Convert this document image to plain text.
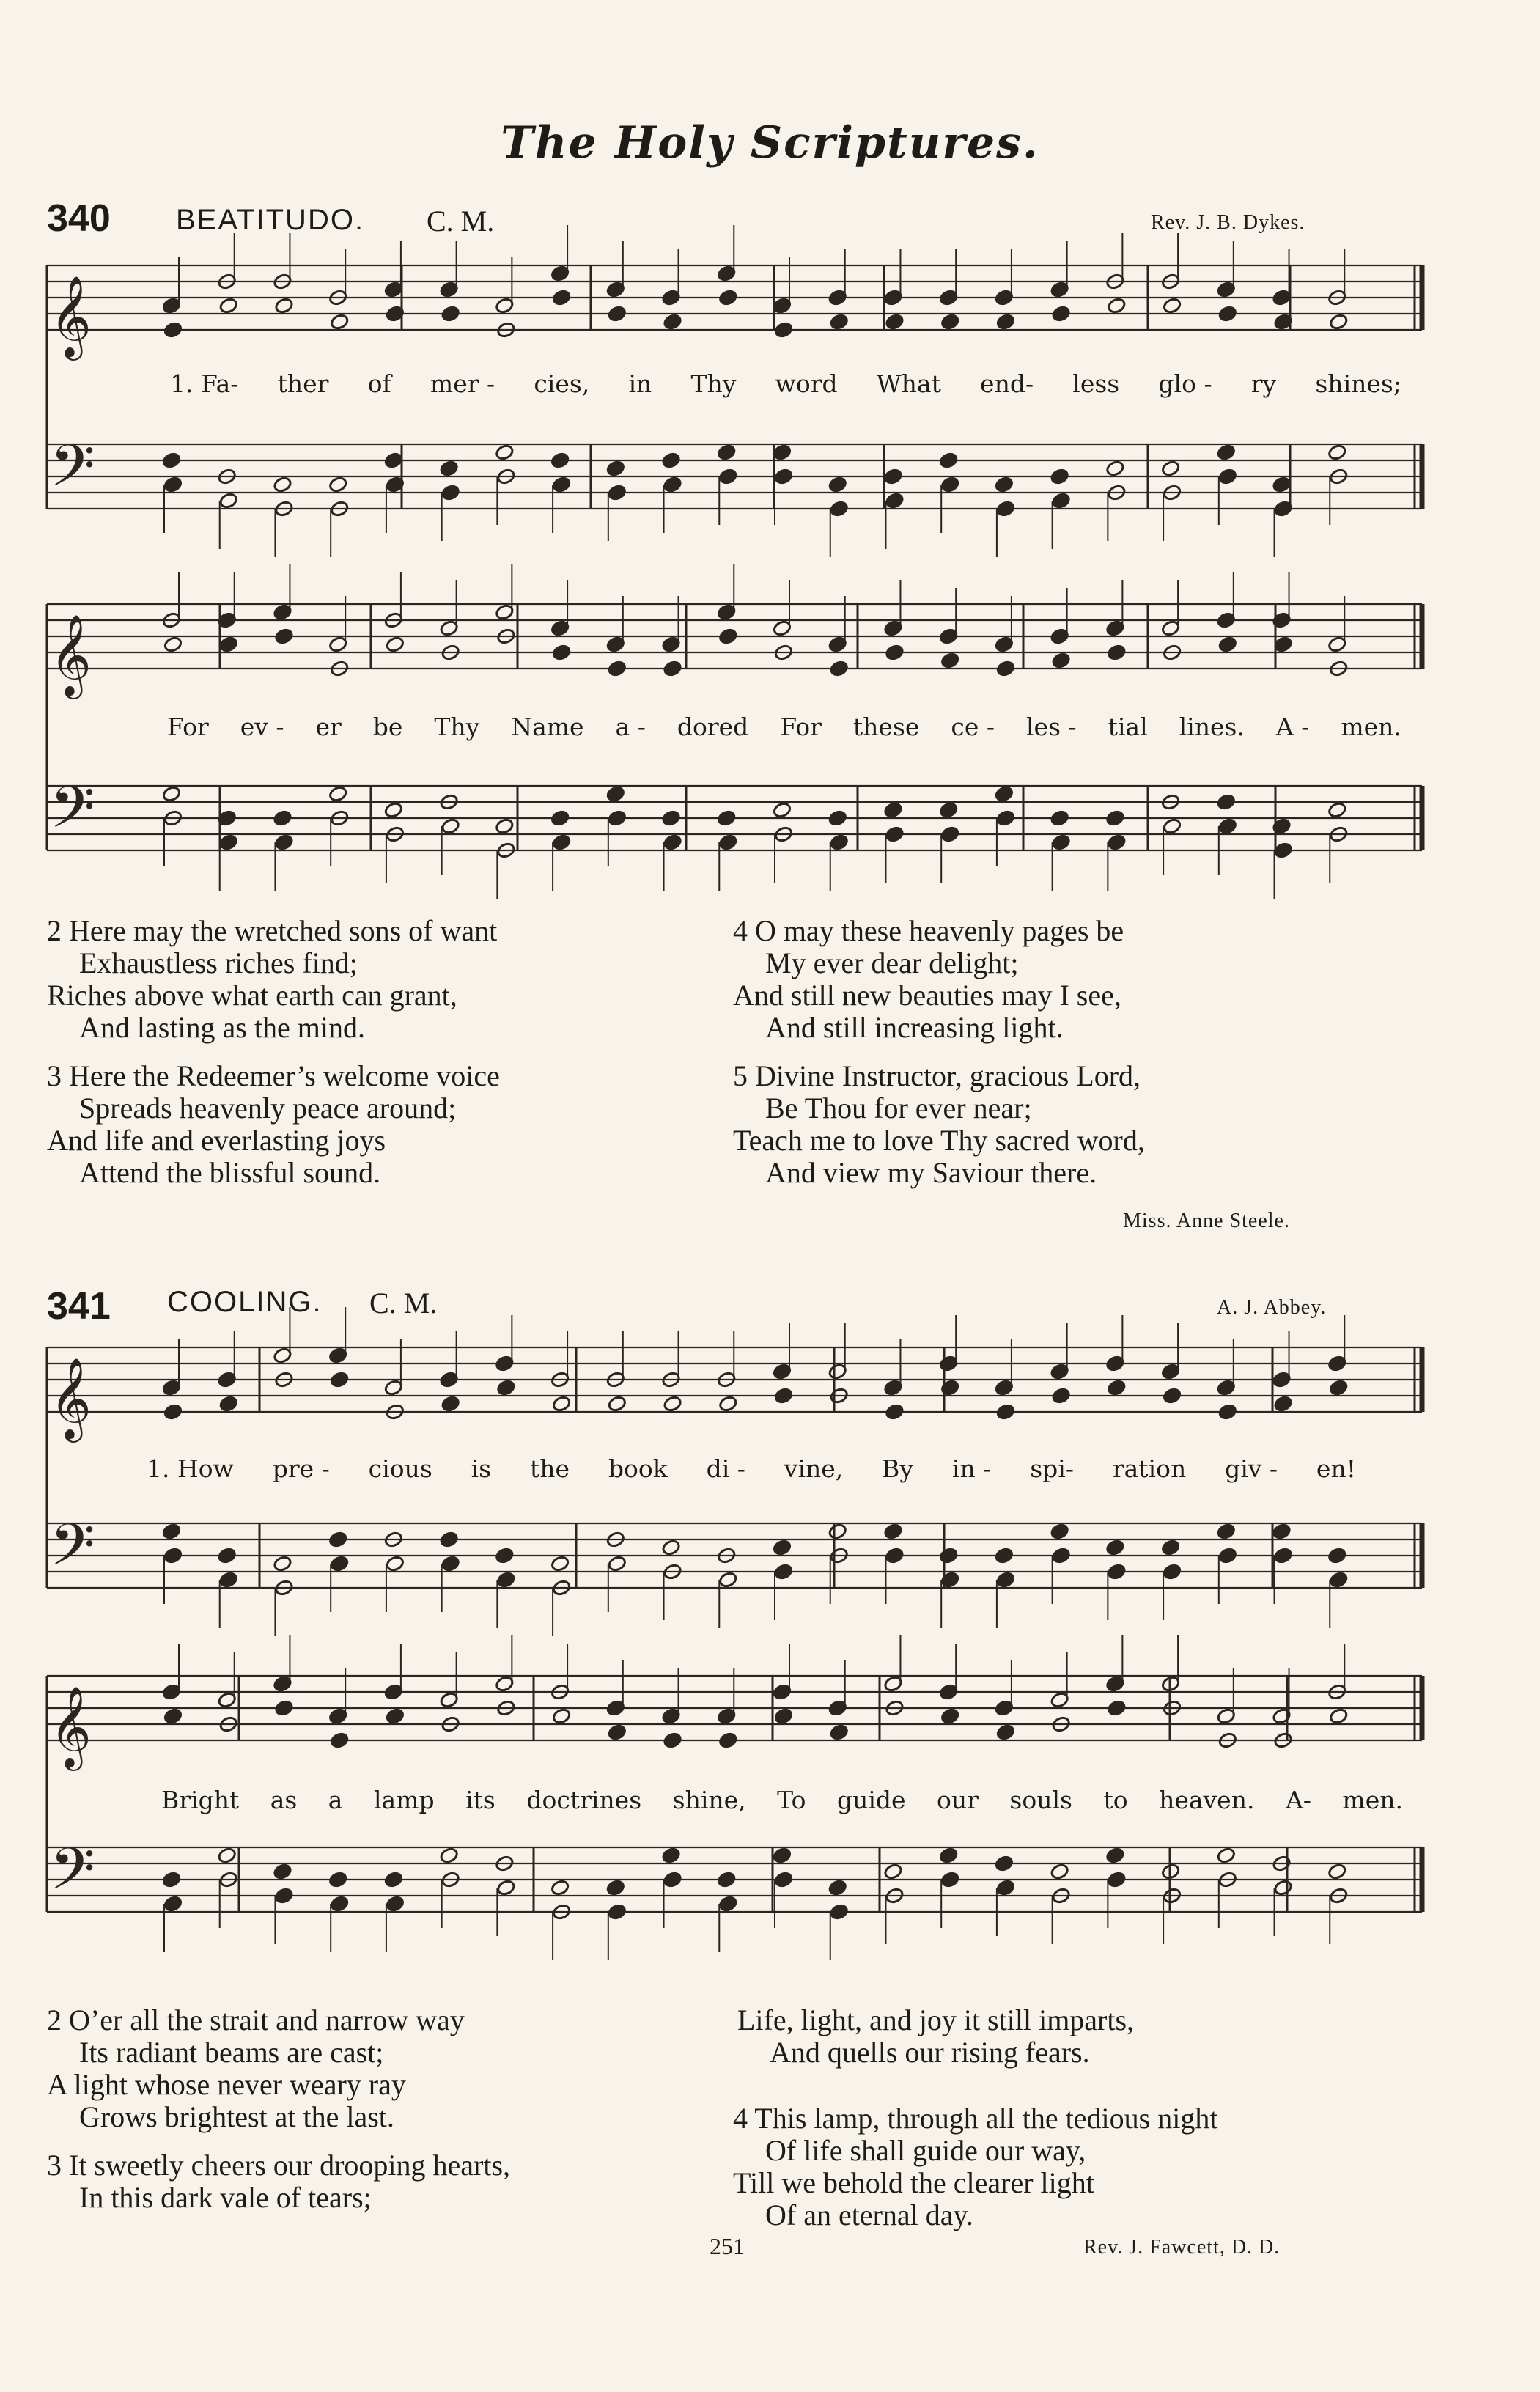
The Holy Scriptures.
340 BEATITUDO. C. M.	Rev. J. B. Dykes.
𝄞
𝄢
𝄞
𝄢
𝄞
𝄢
𝄞
𝄢
1. Fa- ther of mer - cies, in Thy word What end- less glo - ry shines;
For ev - er be Thy Name a - dored For these ce - les - tial lines. A - men.
2 Here may the wretched sons of want
Exhaustless riches find;
Riches above what earth can grant,
And lasting as the mind.
3 Here the Redeemer’s welcome voice
Spreads heavenly peace around;
And life and everlasting joys
Attend the blissful sound.
4 O may these heavenly pages be
My ever dear delight;
And still new beauties may I see,
And still increasing light.
5 Divine Instructor, gracious Lord,
Be Thou for ever near;
Teach me to love Thy sacred word,
And view my Saviour there.
Miss. Anne Steele.
341 COOLING. C. M.	A. J. Abbey.
1. How pre - cious is the book di - vine, By in - spi- ration giv - en!
Bright as a lamp its doctrines shine, To guide our souls to heaven. A- men.
2 O’er all the strait and narrow way
Its radiant beams are cast;
A light whose never weary ray
Grows brightest at the last.
3 It sweetly cheers our drooping hearts,
In this dark vale of tears;
Life, light, and joy it still imparts,
And quells our rising fears.
4 This lamp, through all the tedious night
Of life shall guide our way,
Till we behold the clearer light
Of an eternal day.
251	Rev. J. Fawcett, D. D.
